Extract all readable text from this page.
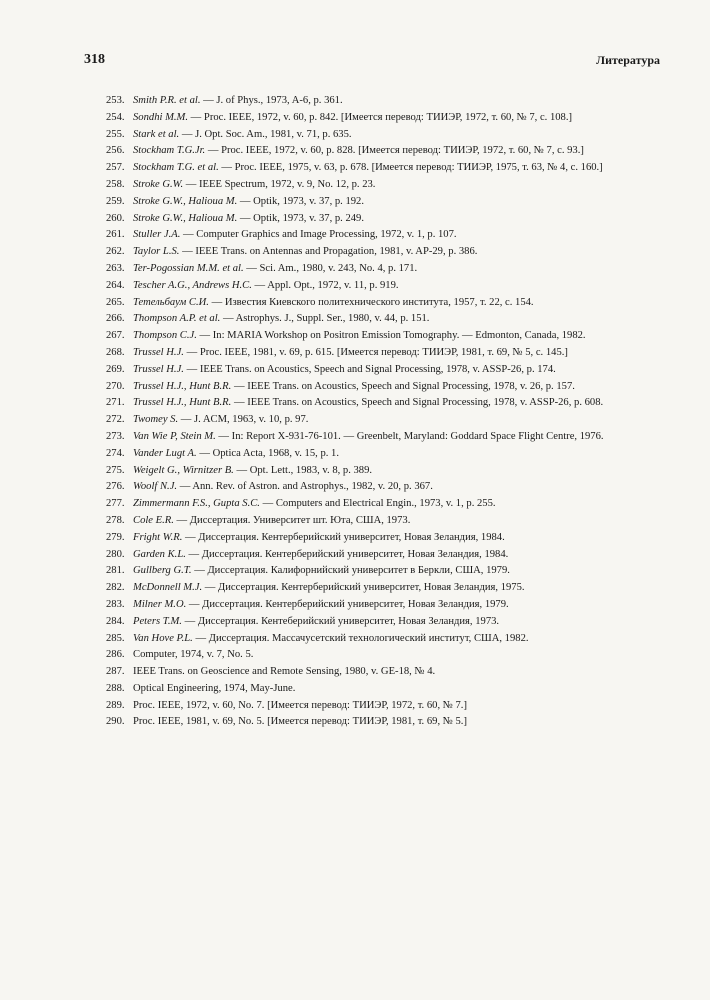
318	Литература
253. Smith P.R. et al. — J. of Phys., 1973, A-6, p. 361.
254. Sondhi M.M. — Proc. IEEE, 1972, v. 60, p. 842. [Имеется перевод: ТИИЭР, 1972, т. 60, № 7, с. 108.]
255. Stark et al. — J. Opt. Soc. Am., 1981, v. 71, p. 635.
256. Stockham T.G.Jr. — Proc. IEEE, 1972, v. 60, p. 828. [Имеется перевод: ТИИЭР, 1972, т. 60, № 7, с. 93.]
257. Stockham T.G. et al. — Proc. IEEE, 1975, v. 63, p. 678. [Имеется перевод: ТИИЭР, 1975, т. 63, № 4, с. 160.]
258. Stroke G.W. — IEEE Spectrum, 1972, v. 9, No. 12, p. 23.
259. Stroke G.W., Halioua M. — Optik, 1973, v. 37, p. 192.
260. Stroke G.W., Halioua M. — Optik, 1973, v. 37, p. 249.
261. Stuller J.A. — Computer Graphics and Image Processing, 1972, v. 1, p. 107.
262. Taylor L.S. — IEEE Trans. on Antennas and Propagation, 1981, v. AP-29, p. 386.
263. Ter-Pogossian M.M. et al. — Sci. Am., 1980, v. 243, No. 4, p. 171.
264. Tescher A.G., Andrews H.C. — Appl. Opt., 1972, v. 11, p. 919.
265. Тетельбаум С.И. — Известия Киевского политехнического института, 1957, т. 22, с. 154.
266. Thompson A.P. et al. — Astrophys. J., Suppl. Ser., 1980, v. 44, p. 151.
267. Thompson C.J. — In: MARIA Workshop on Positron Emission Tomography. — Edmonton, Canada, 1982.
268. Trussel H.J. — Proc. IEEE, 1981, v. 69, p. 615. [Имеется перевод: ТИИЭР, 1981, т. 69, № 5, с. 145.]
269. Trussel H.J. — IEEE Trans. on Acoustics, Speech and Signal Processing, 1978, v. ASSP-26, p. 174.
270. Trussel H.J., Hunt B.R. — IEEE Trans. on Acoustics, Speech and Signal Processing, 1978, v. 26, p. 157.
271. Trussel H.J., Hunt B.R. — IEEE Trans. on Acoustics, Speech and Signal Processing, 1978, v. ASSP-26, p. 608.
272. Twomey S. — J. ACM, 1963, v. 10, p. 97.
273. Van Wie P, Stein M. — In: Report X-931-76-101. — Greenbelt, Maryland: Goddard Space Flight Centre, 1976.
274. Vander Lugt A. — Optica Acta, 1968, v. 15, p. 1.
275. Weigelt G., Wirnitzer B. — Opt. Lett., 1983, v. 8, p. 389.
276. Woolf N.J. — Ann. Rev. of Astron. and Astrophys., 1982, v. 20, p. 367.
277. Zimmermann F.S., Gupta S.C. — Computers and Electrical Engin., 1973, v. 1, p. 255.
278. Cole E.R. — Диссертация. Университет шт. Юта, США, 1973.
279. Fright W.R. — Диссертация. Кентерберийский университет, Новая Зеландия, 1984.
280. Garden K.L. — Диссертация. Кентерберийский университет, Новая Зеландия, 1984.
281. Gullberg G.T. — Диссертация. Калифорнийский университет в Беркли, США, 1979.
282. McDonnell M.J. — Диссертация. Кентерберийский университет, Новая Зеландия, 1975.
283. Milner M.O. — Диссертация. Кентерберийский университет, Новая Зеландия, 1979.
284. Peters T.M. — Диссертация. Кентеберийский университет, Новая Зеландия, 1973.
285. Van Hove P.L. — Диссертация. Массачусетский технологический институт, США, 1982.
286. Computer, 1974, v. 7, No. 5.
287. IEEE Trans. on Geoscience and Remote Sensing, 1980, v. GE-18, № 4.
288. Optical Engineering, 1974, May-June.
289. Proc. IEEE, 1972, v. 60, No. 7. [Имеется перевод: ТИИЭР, 1972, т. 60, № 7.]
290. Proc. IEEE, 1981, v. 69, No. 5. [Имеется перевод: ТИИЭР, 1981, т. 69, № 5.]
